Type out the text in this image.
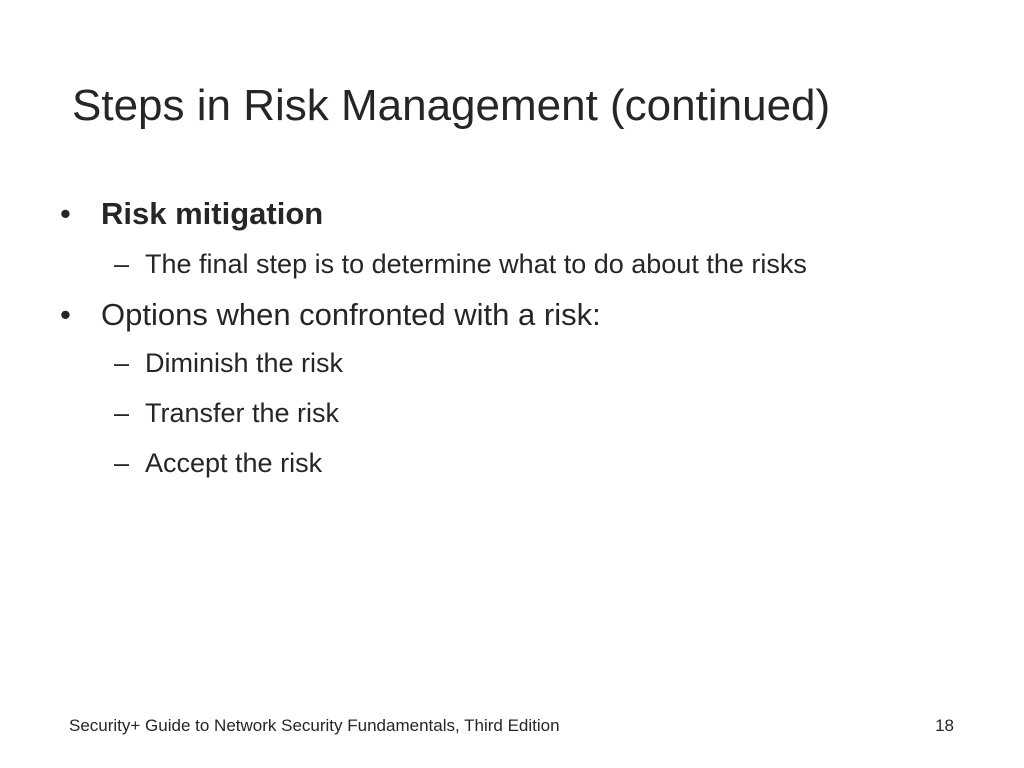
Steps in Risk Management (continued)
• Risk mitigation
– The final step is to determine what to do about the risks
• Options when confronted with a risk:
– Diminish the risk
– Transfer the risk
– Accept the risk
Security+ Guide to Network Security Fundamentals, Third Edition	18
